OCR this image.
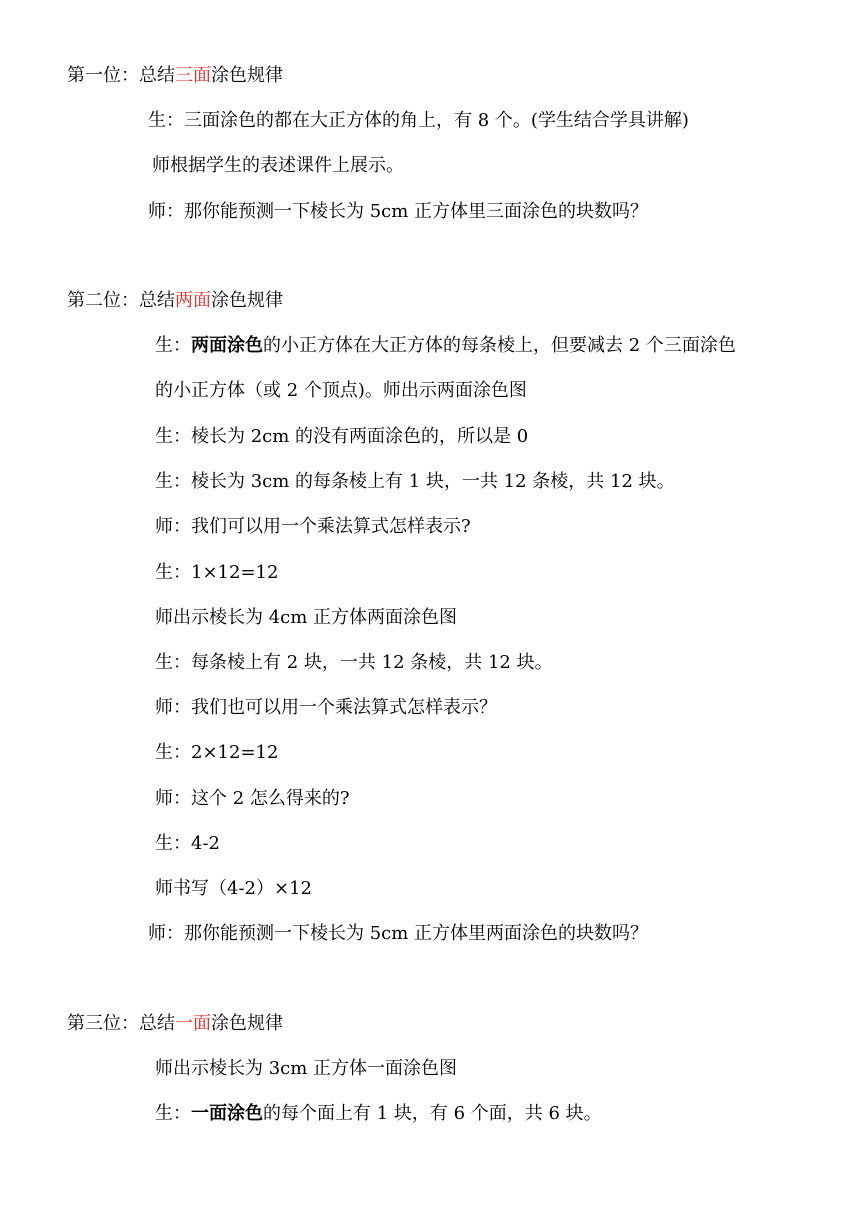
第一位：总结三面涂色规律
生：三面涂色的都在大正方体的角上，有 8 个。(学生结合学具讲解)
师根据学生的表述课件上展示。
师：那你能预测一下棱长为 5cm 正方体里三面涂色的块数吗？
第二位：总结两面涂色规律
生：两面涂色的小正方体在大正方体的每条棱上，但要减去 2 个三面涂色
的小正方体（或 2 个顶点)。师出示两面涂色图
生：棱长为 2cm 的没有两面涂色的，所以是 0
生：棱长为 3cm 的每条棱上有 1 块，一共 12 条棱，共 12 块。
师：我们可以用一个乘法算式怎样表示?
生：1×12=12
师出示棱长为 4cm 正方体两面涂色图
生：每条棱上有 2 块，一共 12 条棱，共 12 块。
师：我们也可以用一个乘法算式怎样表示？
生：2×12=12
师：这个 2 怎么得来的?
生：4-2
师书写（4-2）×12
师：那你能预测一下棱长为 5cm 正方体里两面涂色的块数吗？
第三位：总结一面涂色规律
师出示棱长为 3cm 正方体一面涂色图
生：一面涂色的每个面上有 1 块，有 6 个面，共 6 块。
